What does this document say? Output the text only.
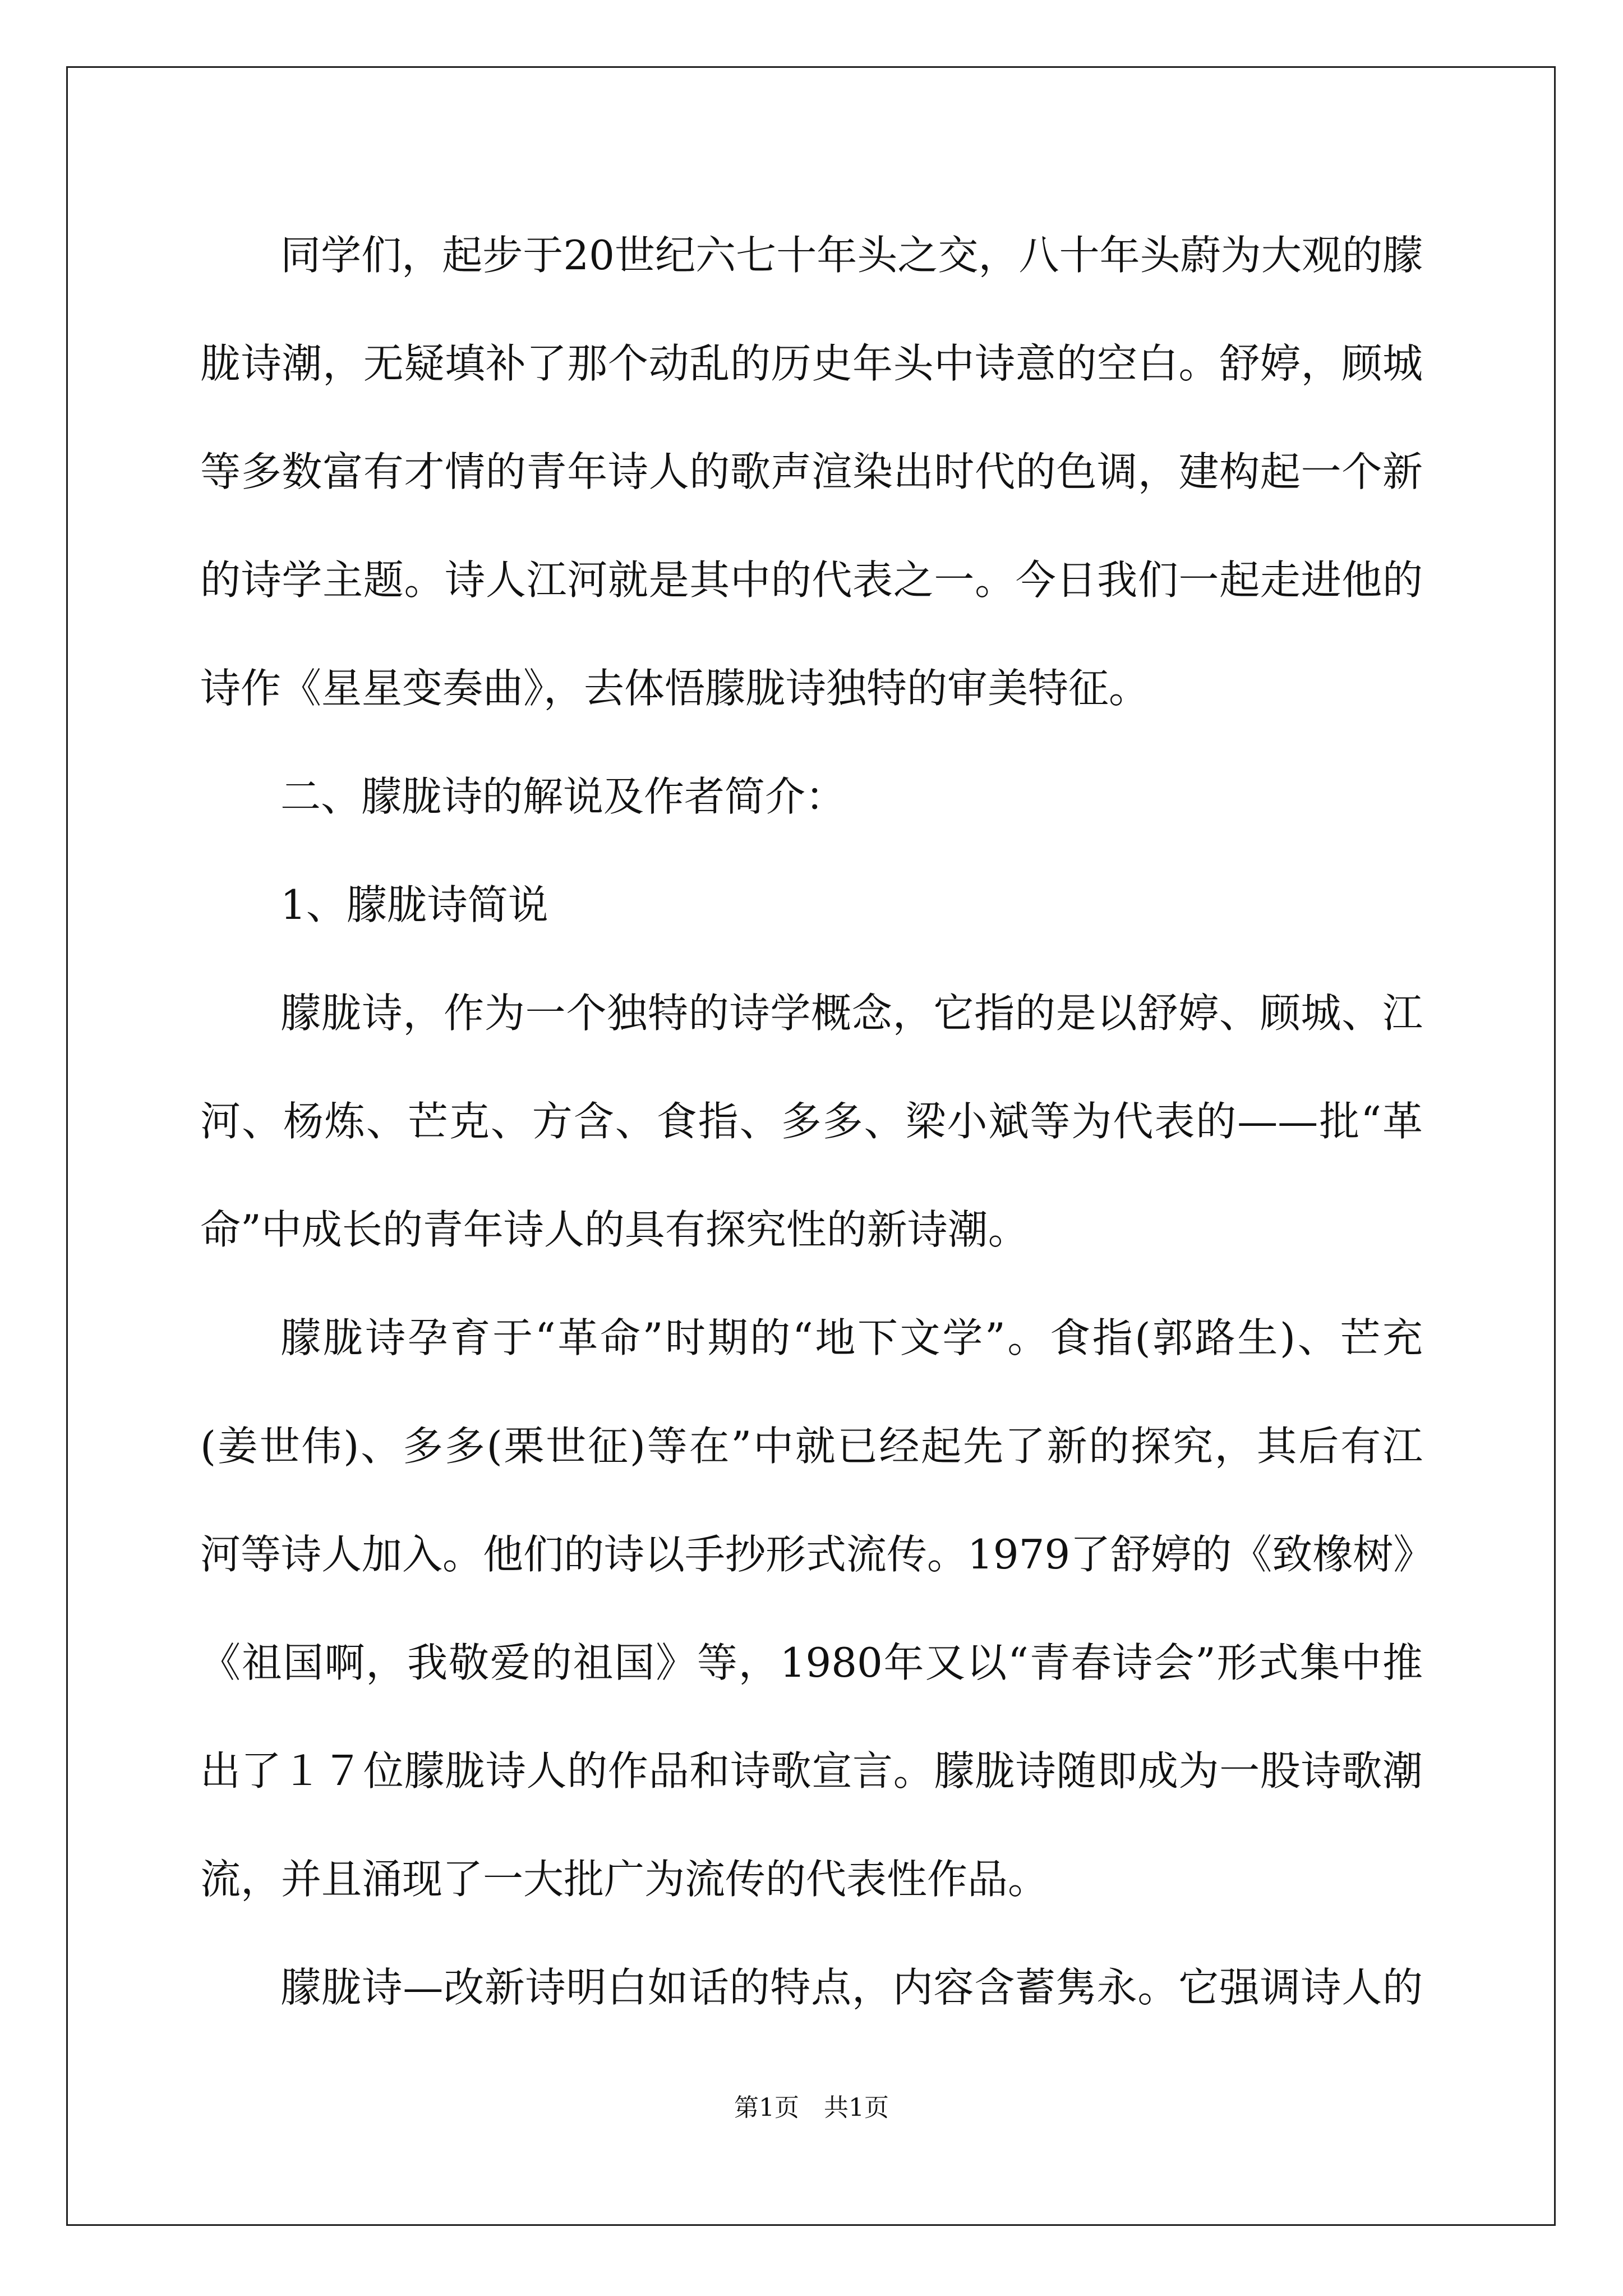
同学们，起步于20世纪六七十年头之交，八十年头蔚为大观的朦
胧诗潮，无疑填补了那个动乱的历史年头中诗意的空白。舒婷，顾城
等多数富有才情的青年诗人的歌声渲染出时代的色调，建构起一个新
的诗学主题。诗人江河就是其中的代表之一。今日我们一起走进他的
诗作《星星变奏曲》，去体悟朦胧诗独特的审美特征。
二、朦胧诗的解说及作者简介：
1、朦胧诗简说
朦胧诗，作为一个独特的诗学概念，它指的是以舒婷、顾城、江
河、杨炼、芒克、方含、食指、多多、梁小斌等为代表的——批“革
命”中成长的青年诗人的具有探究性的新诗潮。
朦胧诗孕育于“革命”时期的“地下文学”。食指(郭路生)、芒充
(姜世伟)、多多(栗世征)等在”中就已经起先了新的探究，其后有江
河等诗人加入。他们的诗以手抄形式流传。1979了舒婷的《致橡树》
《祖国啊，我敬爱的祖国》等，1980年又以“青春诗会”形式集中推
出了１７位朦胧诗人的作品和诗歌宣言。朦胧诗随即成为一股诗歌潮
流，并且涌现了一大批广为流传的代表性作品。
朦胧诗—改新诗明白如话的特点，内容含蓄隽永。它强调诗人的
第1页　共1页
